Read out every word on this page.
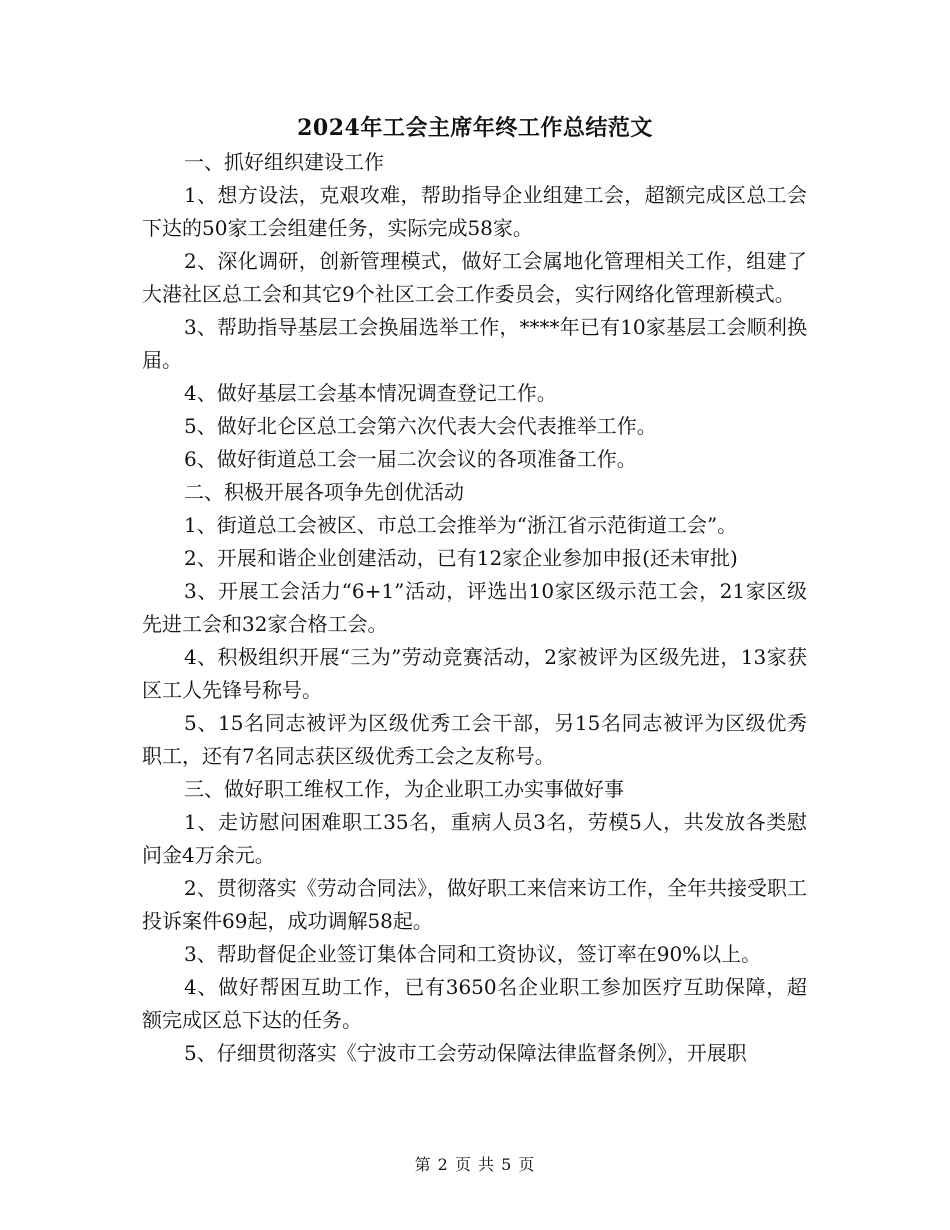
2024年工会主席年终工作总结范文

一、抓好组织建设工作

1、想方设法，克艰攻难，帮助指导企业组建工会，超额完成区总工会下达的50家工会组建任务，实际完成58家。

2、深化调研，创新管理模式，做好工会属地化管理相关工作，组建了大港社区总工会和其它9个社区工会工作委员会，实行网络化管理新模式。

3、帮助指导基层工会换届选举工作，****年已有10家基层工会顺利换届。

4、做好基层工会基本情况调查登记工作。

5、做好北仑区总工会第六次代表大会代表推举工作。

6、做好街道总工会一届二次会议的各项准备工作。

二、积极开展各项争先创优活动

1、街道总工会被区、市总工会推举为“浙江省示范街道工会”。

2、开展和谐企业创建活动，已有12家企业参加申报(还未审批)

3、开展工会活力“6+1”活动，评选出10家区级示范工会，21家区级先进工会和32家合格工会。

4、积极组织开展“三为”劳动竞赛活动，2家被评为区级先进，13家获区工人先锋号称号。

5、15名同志被评为区级优秀工会干部，另15名同志被评为区级优秀职工，还有7名同志获区级优秀工会之友称号。

三、做好职工维权工作，为企业职工办实事做好事

1、走访慰问困难职工35名，重病人员3名，劳模5人，共发放各类慰问金4万余元。

2、贯彻落实《劳动合同法》，做好职工来信来访工作，全年共接受职工投诉案件69起，成功调解58起。

3、帮助督促企业签订集体合同和工资协议，签订率在90%以上。

4、做好帮困互助工作，已有3650名企业职工参加医疗互助保障，超额完成区总下达的任务。

5、仔细贯彻落实《宁波市工会劳动保障法律监督条例》，开展职

第 2 页 共 5 页
